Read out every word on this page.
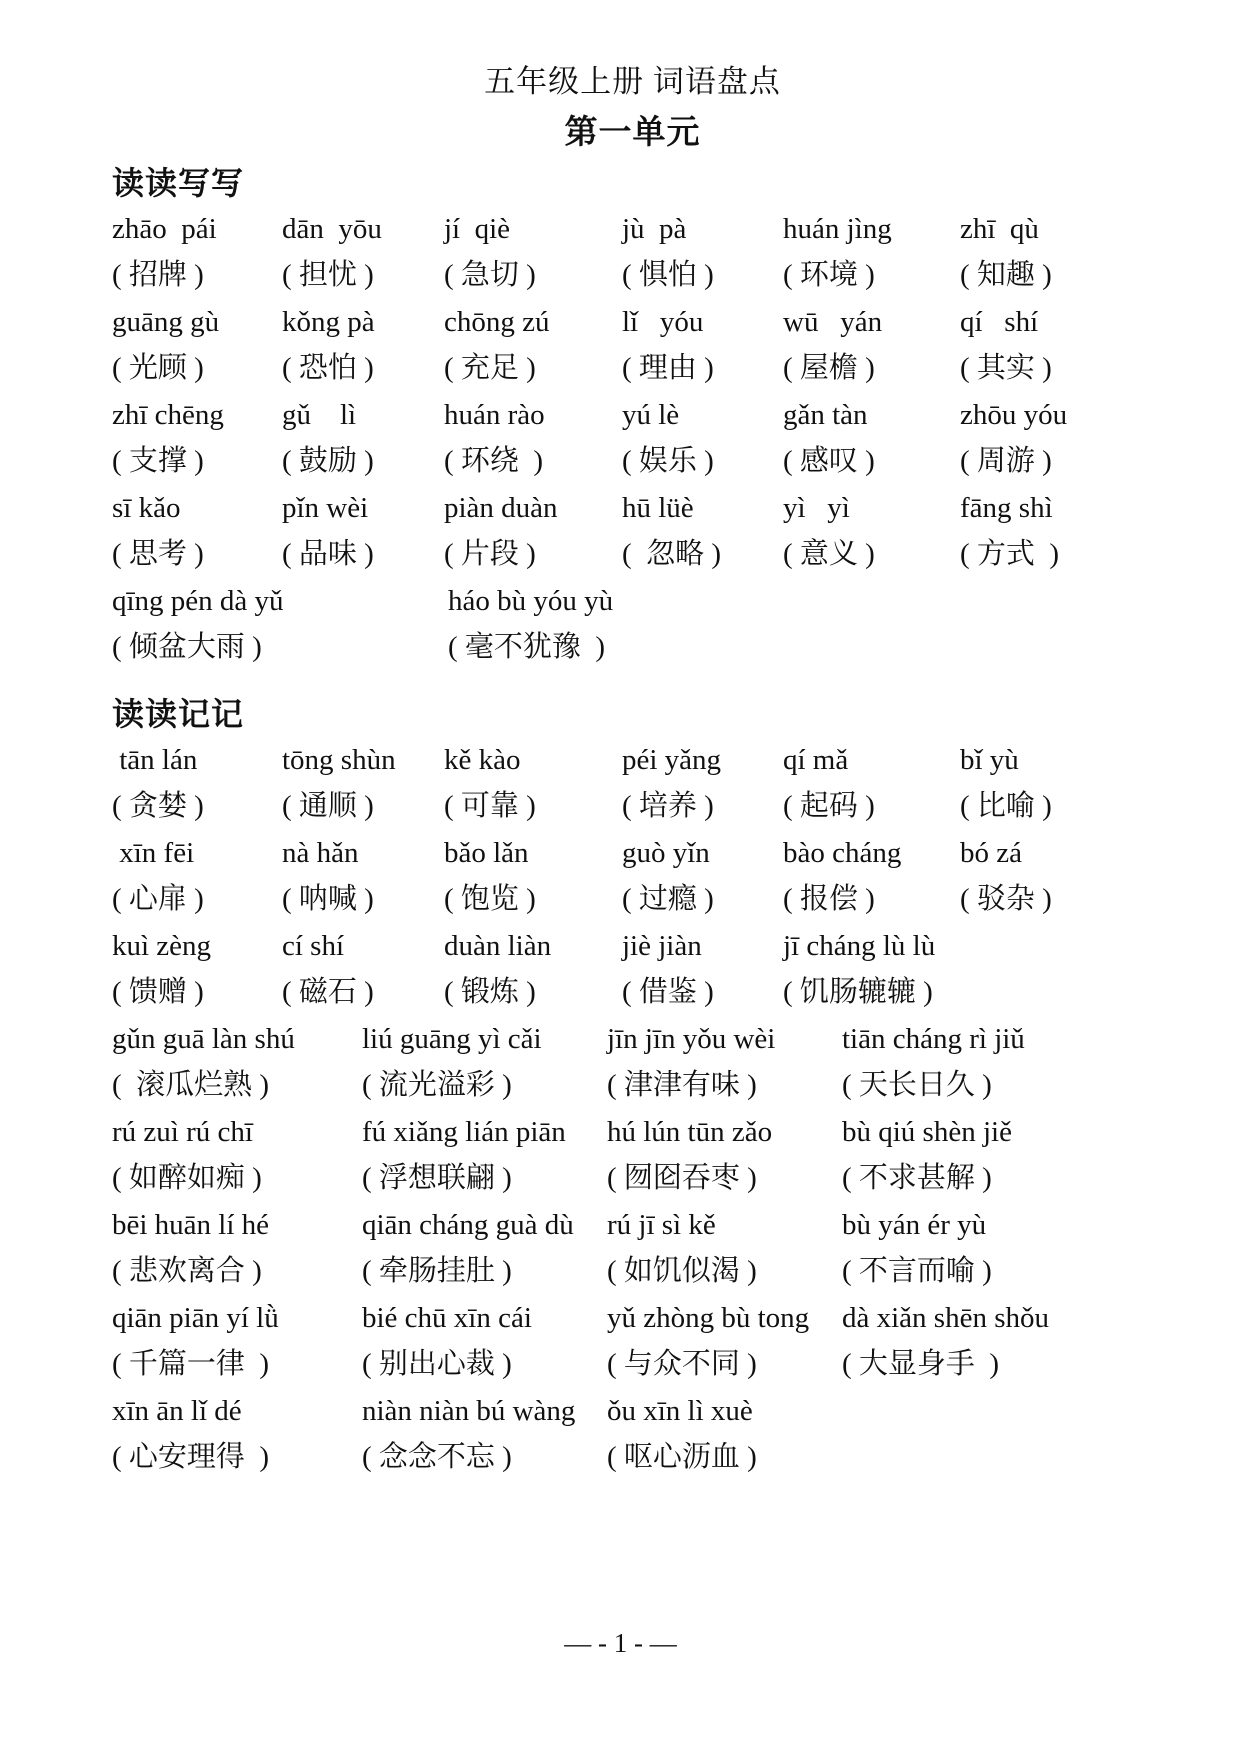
五年级上册 词语盘点
第一单元
读读写写
zhāo  pái
( 招牌 )
dān  yōu
( 担忧 )
jí  qiè
( 急切 )
jù  pà
( 惧怕 )
huán jìng
( 环境 )
zhī  qù
( 知趣 )
guāng gù
( 光顾 )
kǒng pà
( 恐怕 )
chōng zú
( 充足 )
lǐ   yóu
( 理由 )
wū   yán
( 屋檐 )
qí   shí
( 其实 )
zhī chēng
( 支撑 )
gǔ    lì
( 鼓励 )
huán rào
( 环绕  )
yú lè
( 娱乐 )
gǎn tàn
( 感叹 )
zhōu yóu
( 周游 )
sī kǎo
( 思考 )
pǐn wèi
( 品味 )
piàn duàn
( 片段 )
hū lüè
(  忽略 )
yì   yì
( 意义 )
fāng shì
( 方式  )
qīng pén dà yǔ
( 倾盆大雨 )
háo bù yóu yù
( 毫不犹豫  )
读读记记
tān lán
( 贪婪 )
tōng shùn
( 通顺 )
kě kào
( 可靠 )
péi yǎng
( 培养 )
qí mǎ
( 起码 )
bǐ yù
( 比喻 )
xīn fēi
( 心扉 )
nà hǎn
( 呐喊 )
bǎo lǎn
( 饱览 )
guò yǐn
( 过瘾 )
bào cháng
( 报偿 )
bó zá
( 驳杂 )
kuì zèng
( 馈赠 )
cí shí
( 磁石 )
duàn liàn
( 锻炼 )
jiè jiàn
( 借鉴 )
jī cháng lù lù
( 饥肠辘辘 )
gǔn guā làn shú
(  滚瓜烂熟 )
liú guāng yì cǎi
( 流光溢彩 )
jīn jīn yǒu wèi
( 津津有味 )
tiān cháng rì jiǔ
( 天长日久 )
rú zuì rú chī
( 如醉如痴 )
fú xiǎng lián piān
( 浮想联翩 )
hú lún tūn zǎo
( 囫囵吞枣 )
bù qiú shèn jiě
( 不求甚解 )
bēi huān lí hé
( 悲欢离合 )
qiān cháng guà dù
( 牵肠挂肚 )
rú jī sì kě
( 如饥似渴 )
bù yán ér yù
( 不言而喻 )
qiān piān yí lǜ
( 千篇一律  )
bié chū xīn cái
( 别出心裁 )
yǔ zhòng bù tong
( 与众不同 )
dà xiǎn shēn shǒu
( 大显身手  )
xīn ān lǐ dé
( 心安理得  )
niàn niàn bú wàng
( 念念不忘 )
ǒu xīn lì xuè
( 呕心沥血 )
— - 1 - —
